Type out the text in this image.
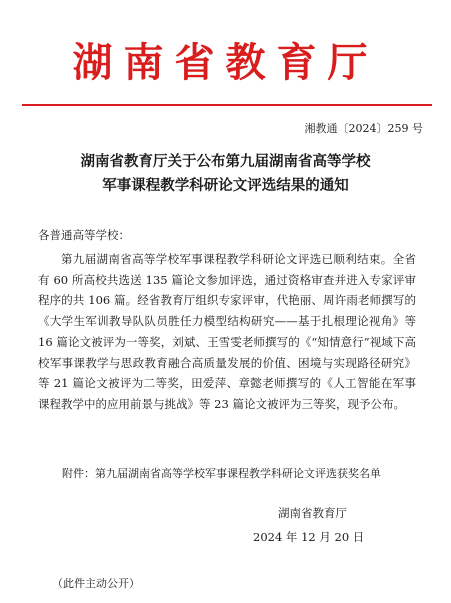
湖南省教育厅
湘教通〔2024〕259 号
湖南省教育厅关于公布第九届湖南省高等学校
军事课程教学科研论文评选结果的通知
各普通高等学校：

第九届湖南省高等学校军事课程教学科研论文评选已顺利结束。全省有 60 所高校共选送 135 篇论文参加评选，通过资格审查并进入专家评审程序的共 106 篇。经省教育厅组织专家评审，代艳丽、周许雨老师撰写的《大学生军训教导队队员胜任力模型结构研究——基于扎根理论视角》等 16 篇论文被评为一等奖，刘斌、王雪雯老师撰写的《“知情意行”视域下高校军事课教学与思政教育融合高质量发展的价值、困境与实现路径研究》等 21 篇论文被评为二等奖，田爱萍、章懿老师撰写的《人工智能在军事课程教学中的应用前景与挑战》等 23 篇论文被评为三等奖，现予公布。

附件：第九届湖南省高等学校军事课程教学科研论文评选获奖名单
湖南省教育厅
2024 年 12 月 20 日
（此件主动公开）
